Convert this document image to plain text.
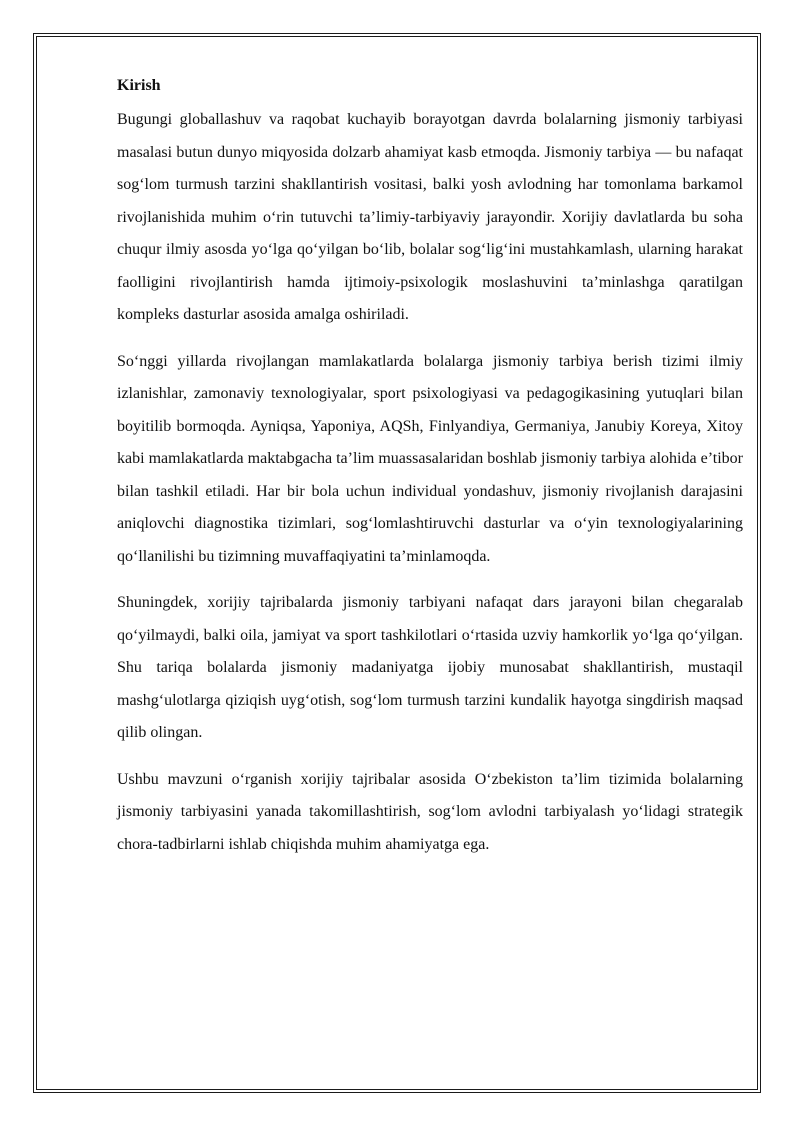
Kirish

Bugungi globallashuv va raqobat kuchayib borayotgan davrda bolalarning jismoniy tarbiyasi masalasi butun dunyo miqyosida dolzarb ahamiyat kasb etmoqda. Jismoniy tarbiya — bu nafaqat sog‘lom turmush tarzini shakllantirish vositasi, balki yosh avlodning har tomonlama barkamol rivojlanishida muhim o‘rin tutuvchi ta’limiy-tarbiyaviy jarayondir. Xorijiy davlatlarda bu soha chuqur ilmiy asosda yo‘lga qo‘yilgan bo‘lib, bolalar sog‘lig‘ini mustahkamlash, ularning harakat faolligini rivojlantirish hamda ijtimoiy-psixologik moslashuvini ta’minlashga qaratilgan kompleks dasturlar asosida amalga oshiriladi.

So‘nggi yillarda rivojlangan mamlakatlarda bolalarga jismoniy tarbiya berish tizimi ilmiy izlanishlar, zamonaviy texnologiyalar, sport psixologiyasi va pedagogikasining yutuqlari bilan boyitilib bormoqda. Ayniqsa, Yaponiya, AQSh, Finlyandiya, Germaniya, Janubiy Koreya, Xitoy kabi mamlakatlarda maktabgacha ta’lim muassasalaridan boshlab jismoniy tarbiya alohida e’tibor bilan tashkil etiladi. Har bir bola uchun individual yondashuv, jismoniy rivojlanish darajasini aniqlovchi diagnostika tizimlari, sog‘lomlashtiruvchi dasturlar va o‘yin texnologiyalarining qo‘llanilishi bu tizimning muvaffaqiyatini ta’minlamoqda.

Shuningdek, xorijiy tajribalarda jismoniy tarbiyani nafaqat dars jarayoni bilan chegaralab qo‘yilmaydi, balki oila, jamiyat va sport tashkilotlari o‘rtasida uzviy hamkorlik yo‘lga qo‘yilgan. Shu tariqa bolalarda jismoniy madaniyatga ijobiy munosabat shakllantirish, mustaqil mashg‘ulotlarga qiziqish uyg‘otish, sog‘lom turmush tarzini kundalik hayotga singdirish maqsad qilib olingan.

Ushbu mavzuni o‘rganish xorijiy tajribalar asosida O‘zbekiston ta’lim tizimida bolalarning jismoniy tarbiyasini yanada takomillashtirish, sog‘lom avlodni tarbiyalash yo‘lidagi strategik chora-tadbirlarni ishlab chiqishda muhim ahamiyatga ega.
